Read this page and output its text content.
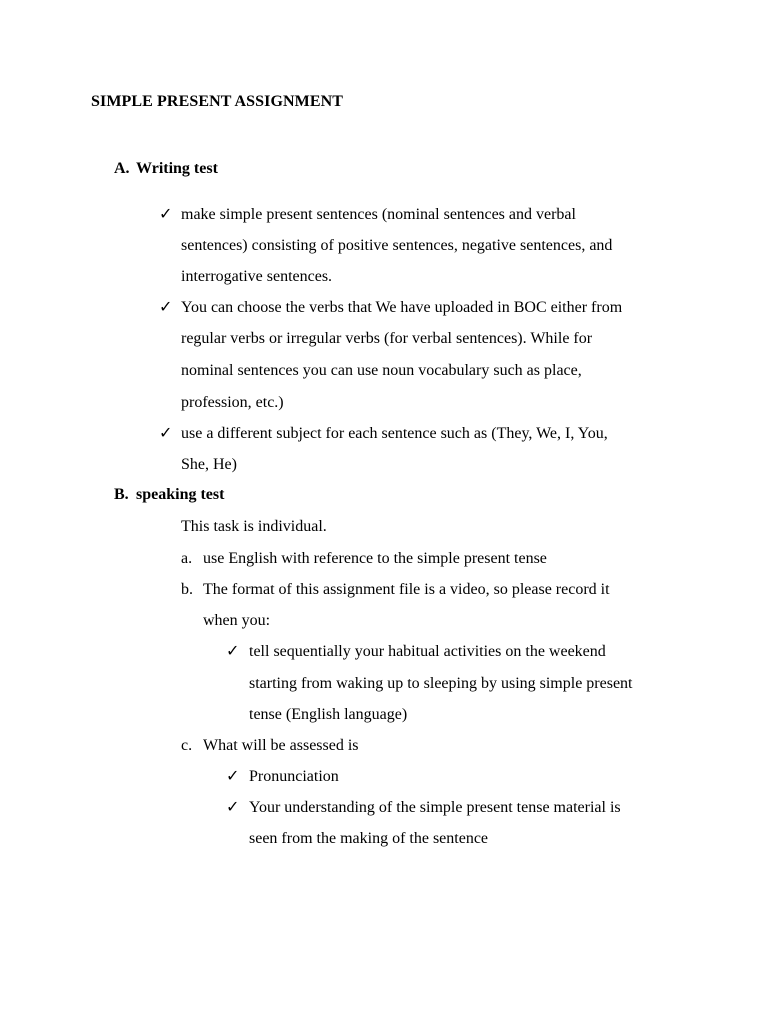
SIMPLE PRESENT ASSIGNMENT
A. Writing test
✓ make simple present sentences (nominal sentences and verbal
sentences) consisting of positive sentences, negative sentences, and
interrogative sentences.
✓ You can choose the verbs that We have uploaded in BOC either from
regular verbs or irregular verbs (for verbal sentences). While for
nominal sentences you can use noun vocabulary such as place,
profession, etc.)
✓ use a different subject for each sentence such as (They, We, I, You,
She, He)
B. speaking test
This task is individual.
a. use English with reference to the simple present tense
b. The format of this assignment file is a video, so please record it
when you:
✓ tell sequentially your habitual activities on the weekend
starting from waking up to sleeping by using simple present
tense (English language)
c. What will be assessed is
✓ Pronunciation
✓ Your understanding of the simple present tense material is
seen from the making of the sentence
